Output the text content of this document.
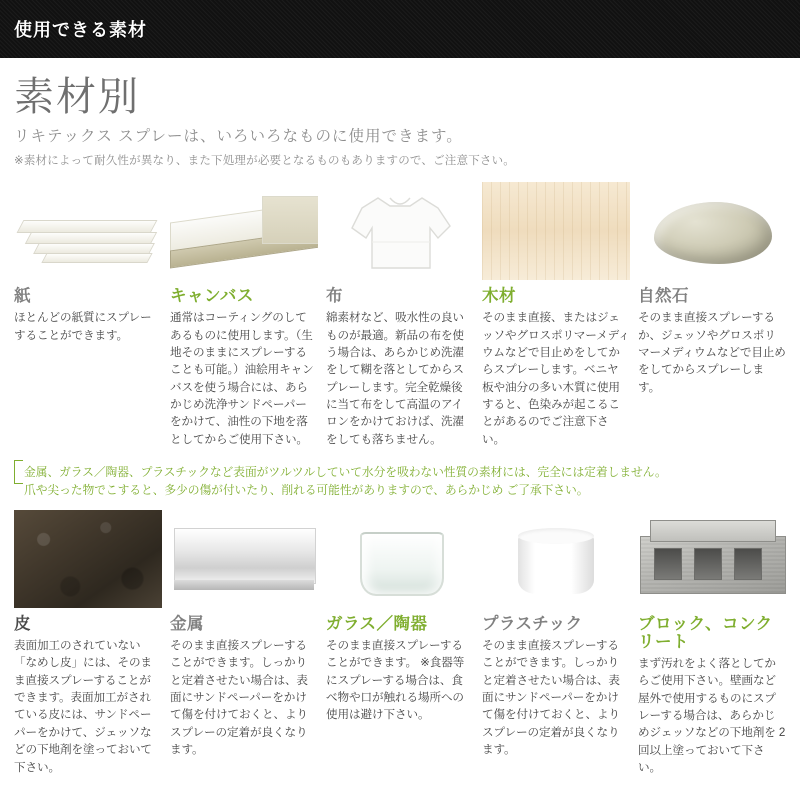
使用できる素材
素材別
リキテックス スプレーは、いろいろなものに使用できます。
※素材によって耐久性が異なり、また下処理が必要となるものもありますので、ご注意下さい。
紙
ほとんどの紙質にスプレーすることができます。
キャンバス
通常はコーティングのしてあるものに使用します。（生地そのままにスプレーすることも可能。）油絵用キャンバスを使う場合には、あらかじめ洗浄サンドペーパーをかけて、油性の下地を落としてからご使用下さい。
布
綿素材など、吸水性の良いものが最適。新品の布を使う場合は、あらかじめ洗濯をして糊を落としてからスプレーします。完全乾燥後に当て布をして高温のアイロンをかけておけば、洗濯をしても落ちません。
木材
そのまま直接、またはジェッソやグロスポリマーメディウムなどで目止めをしてからスプレーします。ベニヤ板や油分の多い木質に使用すると、色染みが起こることがあるのでご注意下さい。
自然石
そのまま直接スプレーするか、ジェッソやグロスポリマーメディウムなどで目止めをしてからスプレーします。
金属、ガラス／陶器、プラスチックなど表面がツルツルしていて水分を吸わない性質の素材には、完全には定着しません。
爪や尖った物でこすると、多少の傷が付いたり、削れる可能性がありますので、あらかじめ ご了承下さい。
皮
表面加工のされていない「なめし皮」には、そのまま直接スプレーすることができます。表面加工がされている皮には、サンドペーパーをかけて、ジェッソなどの下地剤を塗っておいて下さい。
金属
そのまま直接スプレーすることができます。しっかりと定着させたい場合は、表面にサンドペーパーをかけて傷を付けておくと、よりスプレーの定着が良くなります。
ガラス／陶器
そのまま直接スプレーすることができます。 ※食器等にスプレーする場合は、食べ物や口が触れる場所への使用は避け下さい。
プラスチック
そのまま直接スプレーすることができます。しっかりと定着させたい場合は、表面にサンドペーパーをかけて傷を付けておくと、よりスプレーの定着が良くなります。
ブロック、コンクリート
まず汚れをよく落としてからご使用下さい。壁画など屋外で使用するものにスプレーする場合は、あらかじめジェッソなどの下地剤を 2 回以上塗っておいて下さい。
